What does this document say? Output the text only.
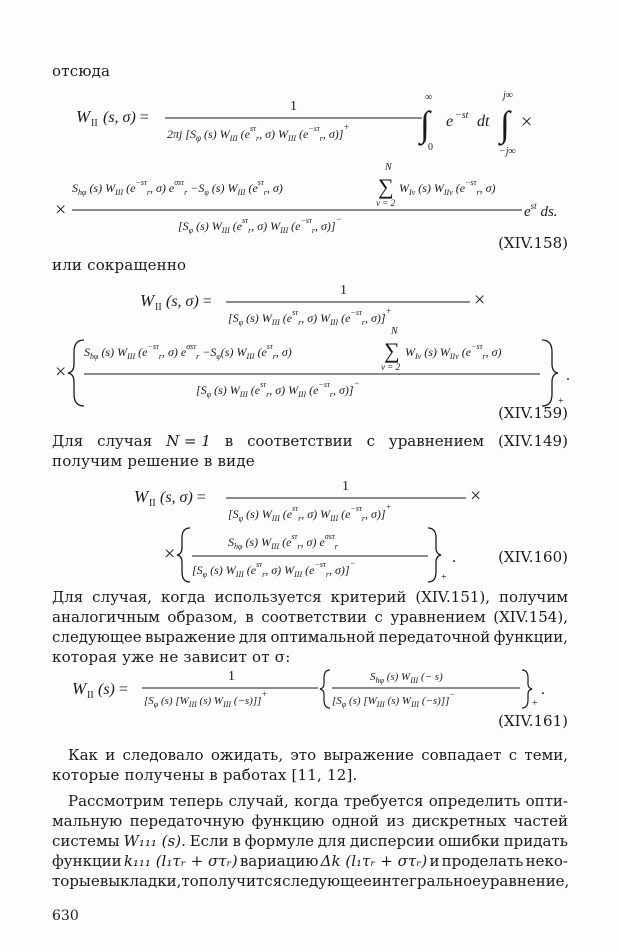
отсюда
W II (s, σ) =
1
2πj [$S_\varphi$ (s) $W_{III}$ ($e^{s\tau}_r$, σ) $W_{III}$ ($e^{-s\tau}_r$, σ)]+
∞
∫
0
e −st dt
j∞
∫
−j∞
×
$S_{h\varphi}$ (s) $W_{III}$ ($e^{-s\tau}_r$, σ) $e^{\sigma s\tau}_r -S_\varphi$ (s) $W_{III}$ ($e^{s\tau}_r$, σ)
N
∑
ν = 2
$W_{I\nu}$ (s) $W_{II\nu}$ ($e^{-s\tau}_r$, σ)
×
[$S_\varphi$ (s) $W_{III}$ ($e^{s\tau}_r$, σ) $W_{III}$ ($e^{-s\tau}_r$, σ)]−	$e^{st}$ ds.
(XIV.158)
или сокращенно
W II (s, σ) =
1
[$S_\varphi$ (s) $W_{III}$ ($e^{s\tau}_r$, σ) $W_{III}$ ($e^{-s\tau}_r$, σ)]+	×
×
$S_{h\varphi}$ (s) $W_{III}$ ($e^{-s\tau}_r$, σ) $e^{\sigma s\tau}_r -S_\varphi(s)$ $W_{III}$ ($e^{s\tau}_r$, σ)
N
∑
ν = 2
$W_{I\nu}$ (s) $W_{II\nu}$ ($e^{-s\tau}_r$, σ)
[$S_\varphi$ (s) $W_{III}$ ($e^{s\tau}_r$, σ) $W_{III}$ ($e^{-s\tau}_r$, σ)]−
+
.
(XIV.159)
Для случая N = 1 в соответствии с уравнением (XIV.149)
получим решение в виде
W II (s, σ) =
1
[$S_\varphi$ (s) $W_{III}$ ($e^{s\tau}_r$, σ) $W_{III}$ ($e^{-s\tau}_r$, σ)]+	×
×
$S_{h\varphi}$ (s) $W_{III}$ ($e^{s\tau}_r$, σ) $e^{\sigma s\tau}_r$
[$S_\varphi$ (s) $W_{III}$ ($e^{s\tau}_r$, σ) $W_{III}$ ($e^{-s\tau}_r$, σ)]−
+
.	(XIV.160)
Для случая, когда используется критерий (XIV.151), получим
аналогичным образом, в соответствии с уравнением (XIV.154),
следующее выражение для оптимальной передаточной функции,
которая уже не зависит от σ:
W II (s) =
1
[$S_\varphi$ (s) [$W_{III}$ (s) $W_{III}$ (−s)]]+
$S_{h\varphi}$ (s) $W_{III}$ (− s)
[$S_\varphi$ (s) [$W_{III}$ (s) $W_{III}$ (−s)]]−
+
.
(XIV.161)
Как и следовало ожидать, это выражение совпадает с теми,
которые получены в работах [11, 12].
Рассмотрим теперь случай, когда требуется определить опти-
мальную передаточную функцию одной из дискретных частей
системы W₁₁₁ (s). Если в формуле для дисперсии ошибки придать
функции k₁₁₁ (l₁τᵣ + στᵣ) вариацию Δk (l₁τᵣ + στᵣ) и проделать неко-
торые выкладки, то получится следующее интегральное уравнение,
630
